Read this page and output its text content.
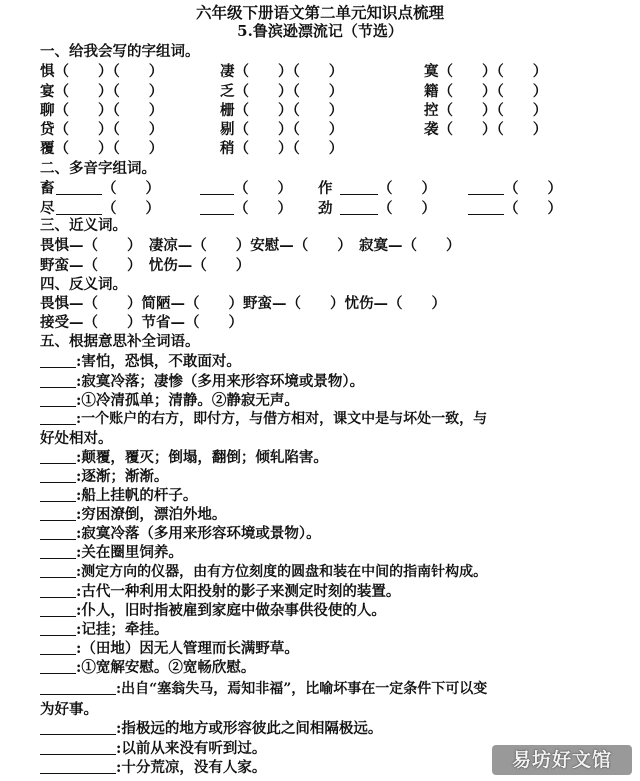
六年级下册语文第二单元知识点梳理
5.鲁滨逊漂流记（节选）
一、给我会写的字组词。
惧（　　）（　　）	凄（　　）（　　）	寞（　　）（　　）
宴（　　）（　　）	乏（　　）（　　）	籍（　　）（　　）
聊（　　）（　　）	栅（　　）（　　）	控（　　）（　　）
贷（　　）（　　）	剔（　　）（　　）	袭（　　）（　　）
覆（　　）（　　）	稍（　　）（　　）
二、多音字组词。
畜	（　　）	（　　） 作	（　　）	（　　）
尽	（　　）	（　　） 劲	（　　）	（　　）
三、近义词。
畏惧—（　　）　凄凉—（　　）安慰—（　　）　寂寞—（　　）
野蛮—（　　）　忧伤—（　　）
四、反义词。
畏惧—（　　）简陋—（　　）野蛮—（　　）忧伤—（　　）
接受—（　　）节省—（　　）
五、根据意思补全词语。
:害怕，恐惧，不敢面对。
:寂寞冷落；凄惨（多用来形容环境或景物）。
:①冷清孤单；清静。②静寂无声。
:一个账户的右方，即付方，与借方相对，课文中是与坏处一致，与
好处相对。
:颠覆，覆灭；倒塌，翻倒；倾轧陷害。
:逐渐；渐渐。
:船上挂帆的杆子。
:穷困潦倒，漂泊外地。
:寂寞冷落（多用来形容环境或景物）。
:关在圈里饲养。
:测定方向的仪器，由有方位刻度的圆盘和装在中间的指南针构成。
:古代一种利用太阳投射的影子来测定时刻的装置。
:仆人，旧时指被雇到家庭中做杂事供役使的人。
:记挂；牵挂。
:（田地）因无人管理而长满野草。
:①宽解安慰。②宽畅欣慰。
:出自“塞翁失马，焉知非福”，比喻坏事在一定条件下可以变
为好事。
:指极远的地方或形容彼此之间相隔极远。
:以前从来没有听到过。
:十分荒凉，没有人家。	易坊好文馆
